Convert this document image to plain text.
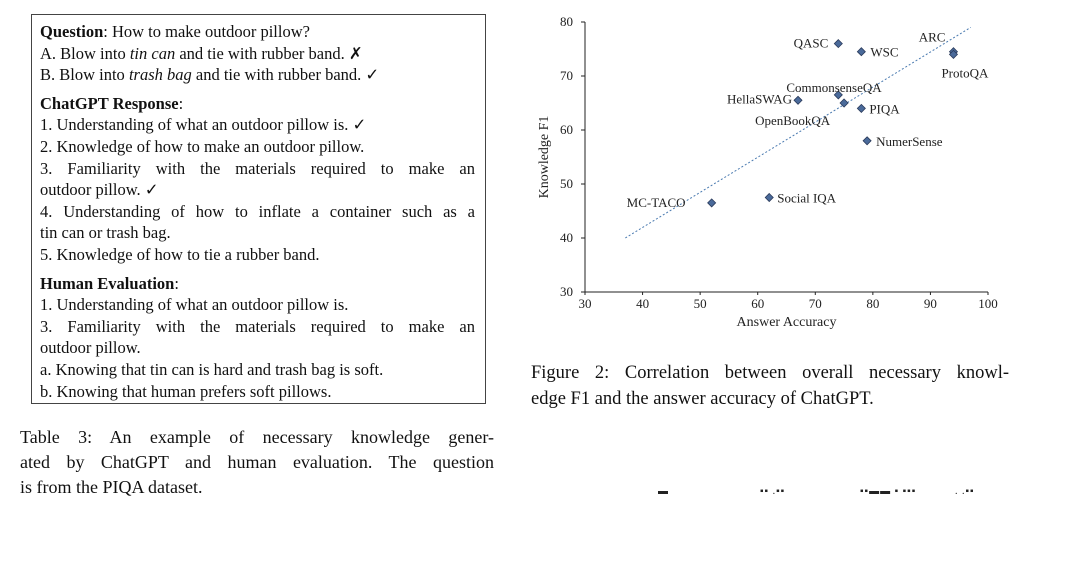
Question: How to make outdoor pillow?
A. Blow into tin can and tie with rubber band. ✗
B. Blow into trash bag and tie with rubber band. ✓
ChatGPT Response:
1. Understanding of what an outdoor pillow is. ✓
2. Knowledge of how to make an outdoor pillow.
3. Familiarity with the materials required to make an
outdoor pillow. ✓
4. Understanding of how to inflate a container such as a
tin can or trash bag.
5. Knowledge of how to tie a rubber band.
Human Evaluation:
1. Understanding of what an outdoor pillow is.
3. Familiarity with the materials required to make an
outdoor pillow.
a. Knowing that tin can is hard and trash bag is soft.
b. Knowing that human prefers soft pillows.
Table 3: An example of necessary knowledge gener-
ated by ChatGPT and human evaluation. The question
is from the PIQA dataset.
30	40	50	60	70	80	90	100
30
40
50
60
70
80
Answer Accuracy
Knowledge F1
QASC
WSC
ARC
ProtoQA
CommonsenseQA
HellaSWAG
PIQA
OpenBookQA
NumerSense
Social IQA
MC-TACO
Figure 2: Correlation between overall necessary knowl-
edge F1 and the answer accuracy of ChatGPT.
▬	▪▪ .▪▪	▪▪▬▬ ▪ ▪▪▪	. .▪▪
